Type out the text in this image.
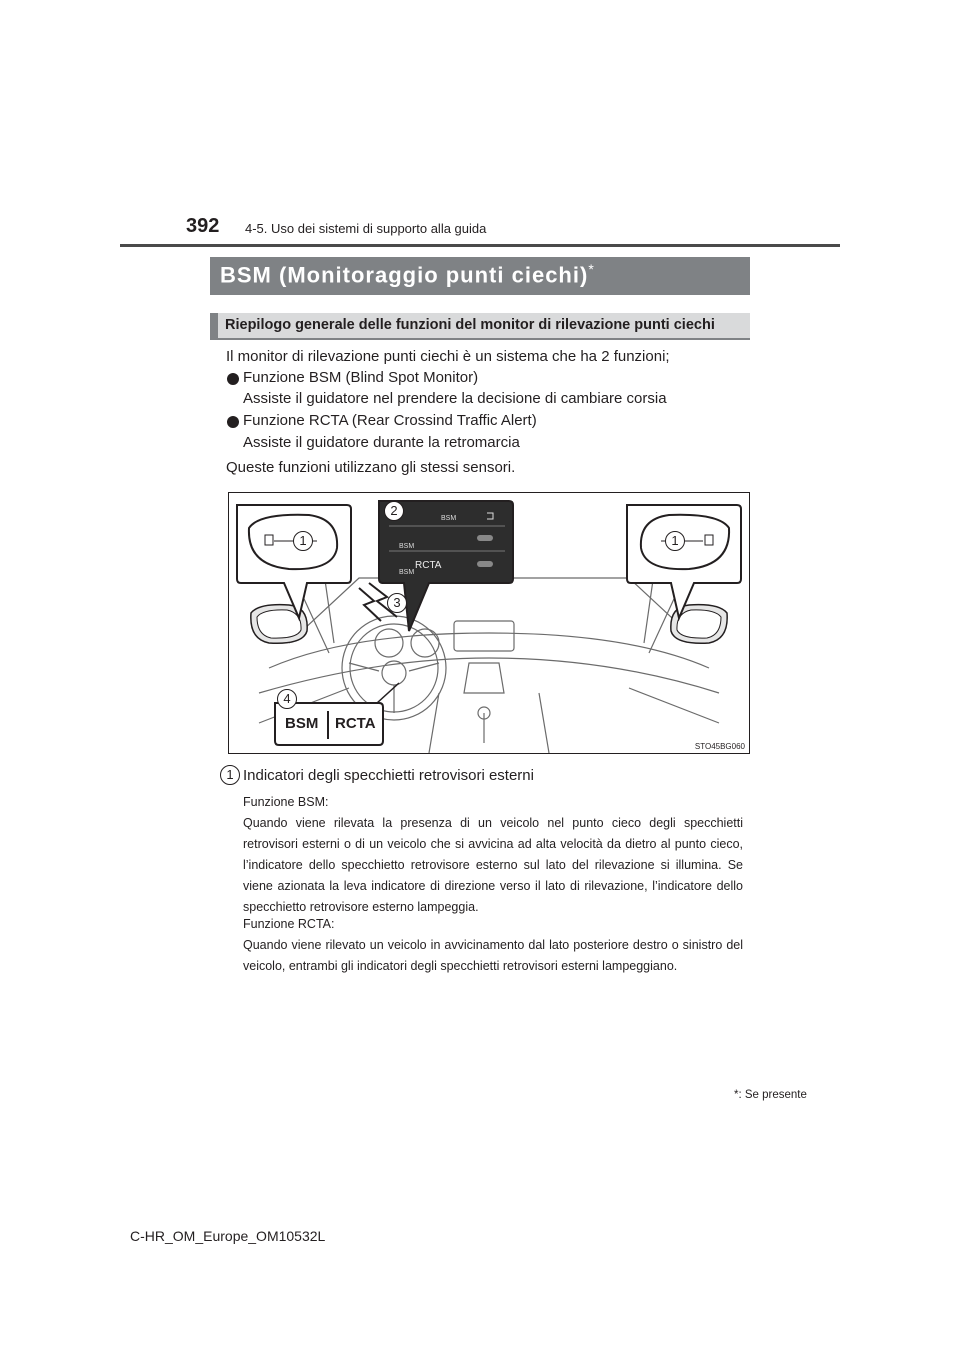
392 4-5. Uso dei sistemi di supporto alla guida
BSM (Monitoraggio punti ciechi)*
Riepilogo generale delle funzioni del monitor di rilevazione punti ciechi
Il monitor di rilevazione punti ciechi è un sistema che ha 2 funzioni;
Funzione BSM (Blind Spot Monitor)
Assiste il guidatore nel prendere la decisione di cambiare corsia
Funzione RCTA (Rear Crossind Traffic Alert)
Assiste il guidatore durante la retromarcia
Queste funzioni utilizzano gli stessi sensori.
BSM
BSM
RCTA
BSM
BSM RCTA
1	1
2
3
4
STO45BG060
1 Indicatori degli specchietti retrovisori esterni
Funzione BSM:
Quando viene rilevata la presenza di un veicolo nel punto cieco degli specchietti retrovisori esterni o di un veicolo che si avvicina ad alta velocità da dietro al punto cieco, l’indicatore dello specchietto retrovisore esterno sul lato del rilevazione si illumina. Se viene azionata la leva indicatore di direzione verso il lato di rilevazione, l’indicatore dello specchietto retrovisore esterno lampeggia.
Funzione RCTA:
Quando viene rilevato un veicolo in avvicinamento dal lato posteriore destro o sinistro del veicolo, entrambi gli indicatori degli specchietti retrovisori esterni lampeggiano.
*: Se presente
C-HR_OM_Europe_OM10532L
